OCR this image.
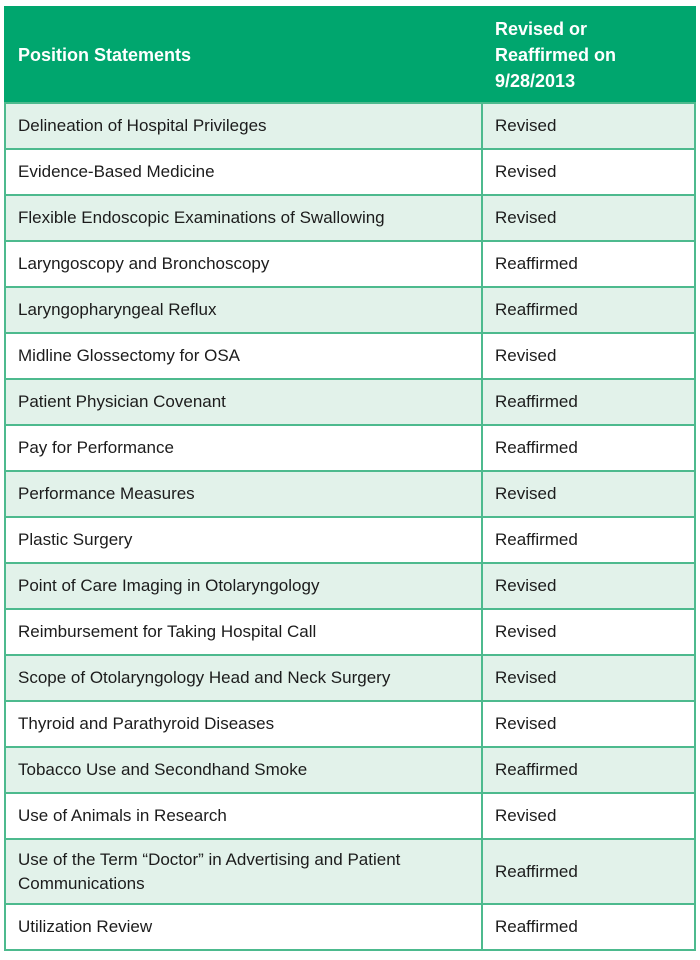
Position Statements	Revised or
Reaffirmed on
9/28/2013
Delineation of Hospital Privileges	Revised
Evidence-Based Medicine	Revised
Flexible Endoscopic Examinations of Swallowing	Revised
Laryngoscopy and Bronchoscopy	Reaffirmed
Laryngopharyngeal Reflux	Reaffirmed
Midline Glossectomy for OSA	Revised
Patient Physician Covenant	Reaffirmed
Pay for Performance	Reaffirmed
Performance Measures	Revised
Plastic Surgery	Reaffirmed
Point of Care Imaging in Otolaryngology	Revised
Reimbursement for Taking Hospital Call	Revised
Scope of Otolaryngology Head and Neck Surgery	Revised
Thyroid and Parathyroid Diseases	Revised
Tobacco Use and Secondhand Smoke	Reaffirmed
Use of Animals in Research	Revised
Use of the Term “Doctor” in Advertising and Patient Communications	Reaffirmed
Utilization Review	Reaffirmed
